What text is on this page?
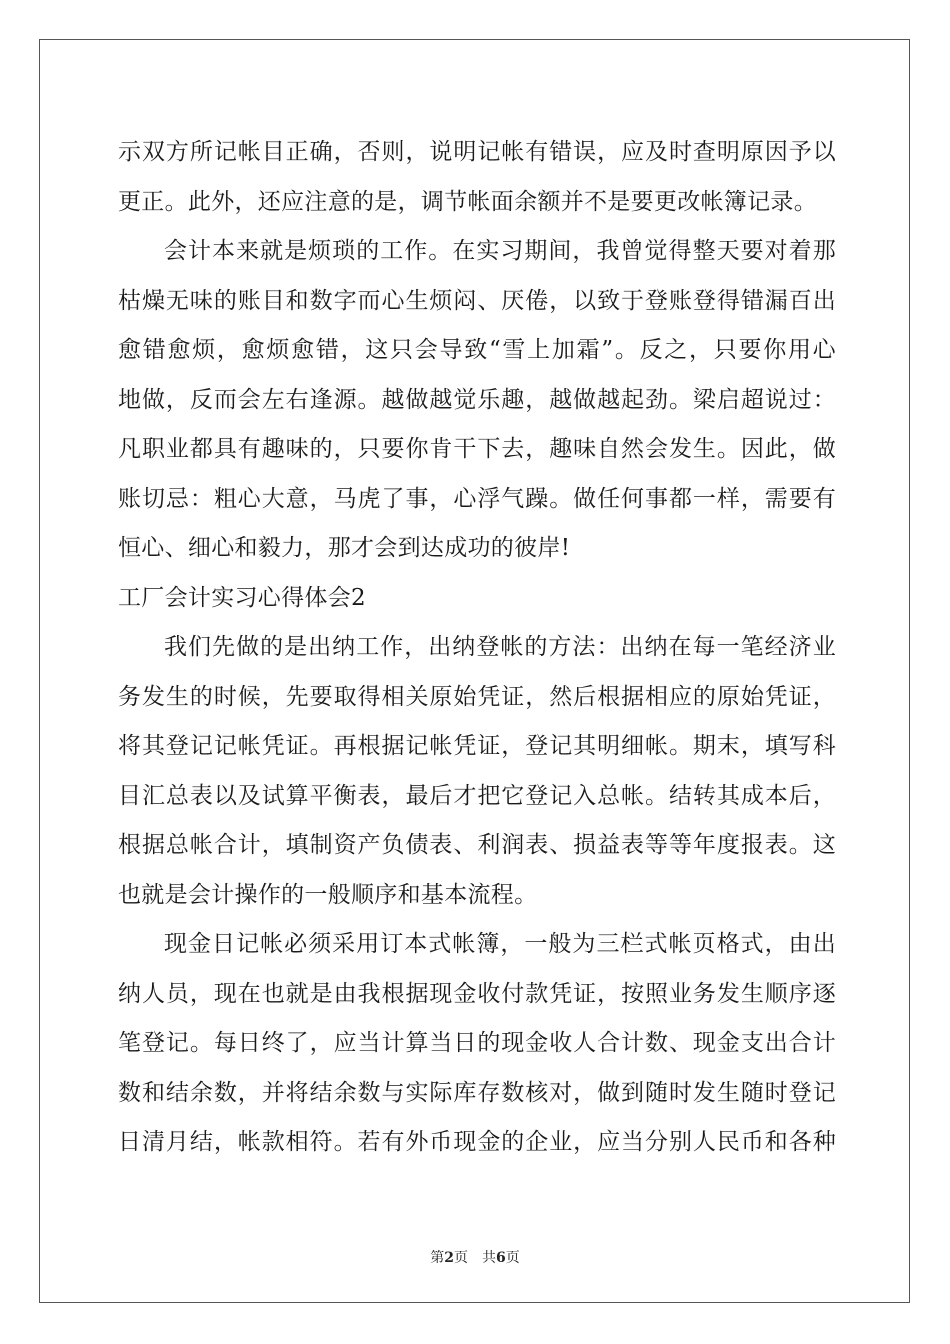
示双方所记帐目正确，否则，说明记帐有错误，应及时查明原因予以
更正。此外，还应注意的是，调节帐面余额并不是要更改帐簿记录。
会计本来就是烦琐的工作。在实习期间，我曾觉得整天要对着那
枯燥无味的账目和数字而心生烦闷、厌倦，以致于登账登得错漏百出
愈错愈烦，愈烦愈错，这只会导致“雪上加霜”。反之，只要你用心
地做，反而会左右逢源。越做越觉乐趣，越做越起劲。梁启超说过：
凡职业都具有趣味的，只要你肯干下去，趣味自然会发生。因此，做
账切忌：粗心大意，马虎了事，心浮气躁。做任何事都一样，需要有
恒心、细心和毅力，那才会到达成功的彼岸!
工厂会计实习心得体会2
我们先做的是出纳工作，出纳登帐的方法：出纳在每一笔经济业
务发生的时候，先要取得相关原始凭证，然后根据相应的原始凭证，
将其登记记帐凭证。再根据记帐凭证，登记其明细帐。期末，填写科
目汇总表以及试算平衡表，最后才把它登记入总帐。结转其成本后，
根据总帐合计，填制资产负债表、利润表、损益表等等年度报表。这
也就是会计操作的一般顺序和基本流程。
现金日记帐必须采用订本式帐簿，一般为三栏式帐页格式，由出
纳人员，现在也就是由我根据现金收付款凭证，按照业务发生顺序逐
笔登记。每日终了，应当计算当日的现金收人合计数、现金支出合计
数和结余数，并将结余数与实际库存数核对，做到随时发生随时登记
日清月结，帐款相符。若有外币现金的企业，应当分别人民币和各种
第2页 共6页
